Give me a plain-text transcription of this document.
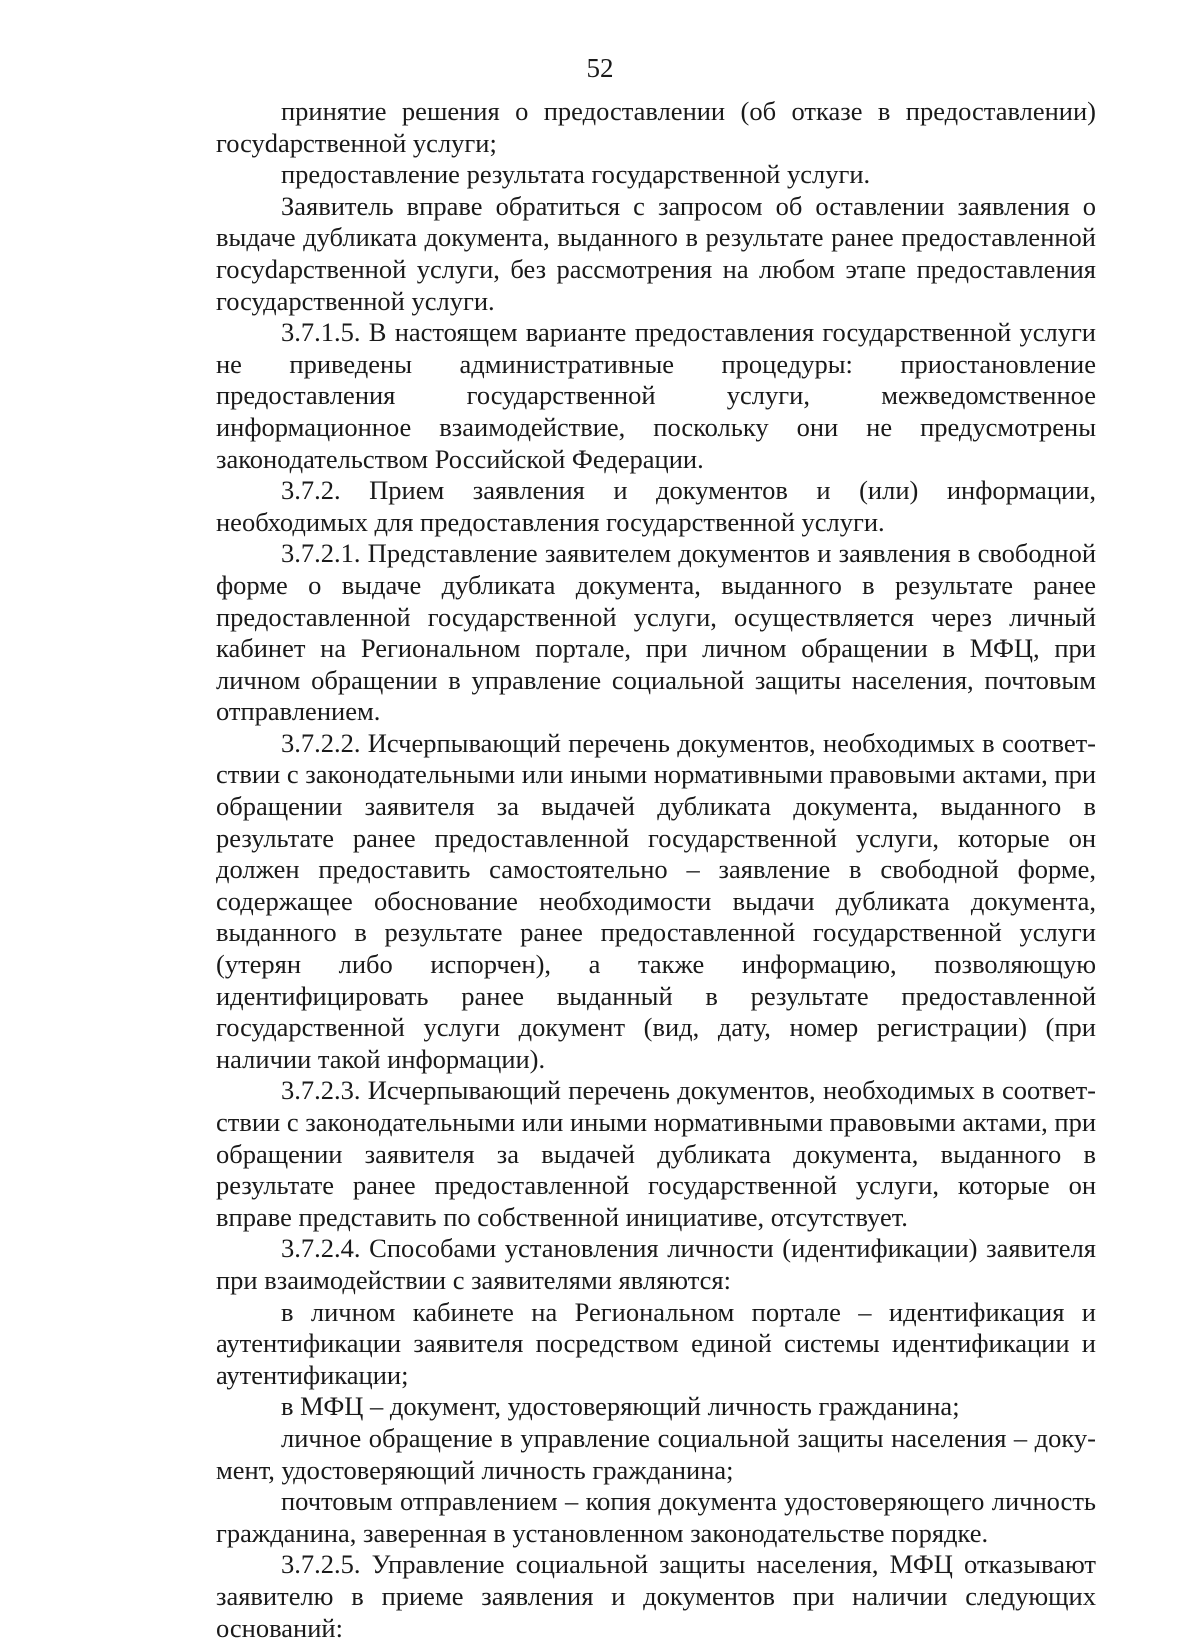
52

принятие решения о предоставлении (об отказе в предоставлении) госуdарственной услуги;

предоставление результата государственной услуги.

Заявитель вправе обратиться с запросом об оставлении заявления о выдаче дубликата документа, выданного в результате ранее предоставленной госуdарственной услуги, без рассмотрения на любом этапе предоставления государственной услуги.

3.7.1.5. В настоящем варианте предоставления государственной услуги не приведены административные процедуры: приостановление предоставления государственной услуги, межведомственное информационное взаимодействие, поскольку они не предусмотрены законодательством Российской Федерации.

3.7.2. Прием заявления и документов и (или) информации, необходимых для предоставления государственной услуги.

3.7.2.1. Представление заявителем документов и заявления в свободной форме о выдаче дубликата документа, выданного в результате ранее предоставленной государственной услуги, осуществляется через личный кабинет на Региональном портале, при личном обращении в МФЦ, при личном обращении в управление социальной защиты населения, почтовым отправлением.

3.7.2.2. Исчерпывающий перечень документов, необходимых в соответствии с законодательными или иными нормативными правовыми актами, при обращении заявителя за выдачей дубликата документа, выданного в результате ранее предоставленной государственной услуги, которые он должен предоставить самостоятельно – заявление в свободной форме, содержащее обоснование необходимости выдачи дубликата документа, выданного в результате ранее предоставленной государственной услуги (утерян либо испорчен), а также информацию, позволяющую идентифицировать ранее выданный в результате предоставленной государственной услуги документ (вид, дату, номер регистрации) (при наличии такой информации).

3.7.2.3. Исчерпывающий перечень документов, необходимых в соответствии с законодательными или иными нормативными правовыми актами, при обращении заявителя за выдачей дубликата документа, выданного в результате ранее предоставленной государственной услуги, которые он вправе представить по собственной инициативе, отсутствует.

3.7.2.4. Способами установления личности (идентификации) заявителя при взаимодействии с заявителями являются:

в личном кабинете на Региональном портале – идентификация и аутентификации заявителя посредством единой системы идентификации и аутентификации;

в МФЦ – документ, удостоверяющий личность гражданина;

личное обращение в управление социальной защиты населения – документ, удостоверяющий личность гражданина;

почтовым отправлением – копия документа удостоверяющего личность гражданина, заверенная в установленном законодательстве порядке.

3.7.2.5. Управление социальной защиты населения, МФЦ отказывают заявителю в приеме заявления и документов при наличии следующих оснований:
